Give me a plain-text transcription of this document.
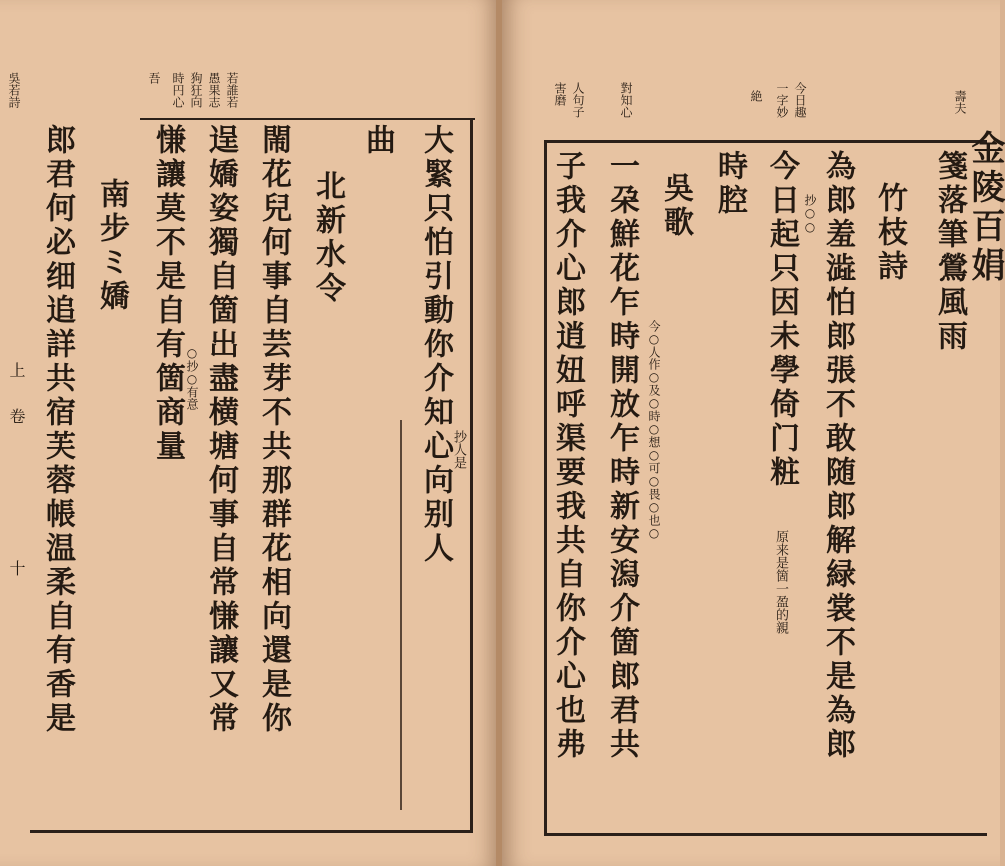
吳若詩	若誰若
愚果志
狗狂向
時円心
吾
上
卷
十
大緊只怕引動你介知心向别人
曲
北新水令
閙花兒何事自芸芽不共那群花相向還是你
逞嬌姿獨自箇出盡横塘何事自常慊讓又常
慊讓莫不是自有箇商量
南步ミ嬌
郎君何必细追詳共宿芙蓉帳温柔自有香是	抄人是
○抄○有意
今日趣
一字妙
絶
對知心
人句子
害磨	壽夫
箋落筆鶯風雨
竹枝詩
為郎羞澁怕郎張不敢随郎解緑裳不是為郎
今日起只因未學倚门粧
時腔
吳歌
一朶鮮花乍時開放乍時新安潟介箇郎君共
子我介心郎逍妞呼渠要我共自你介心也弗	抄○○
原来是箇一盈的親
今○人作○及○時○想○可○畏○也○
金陵百娟
